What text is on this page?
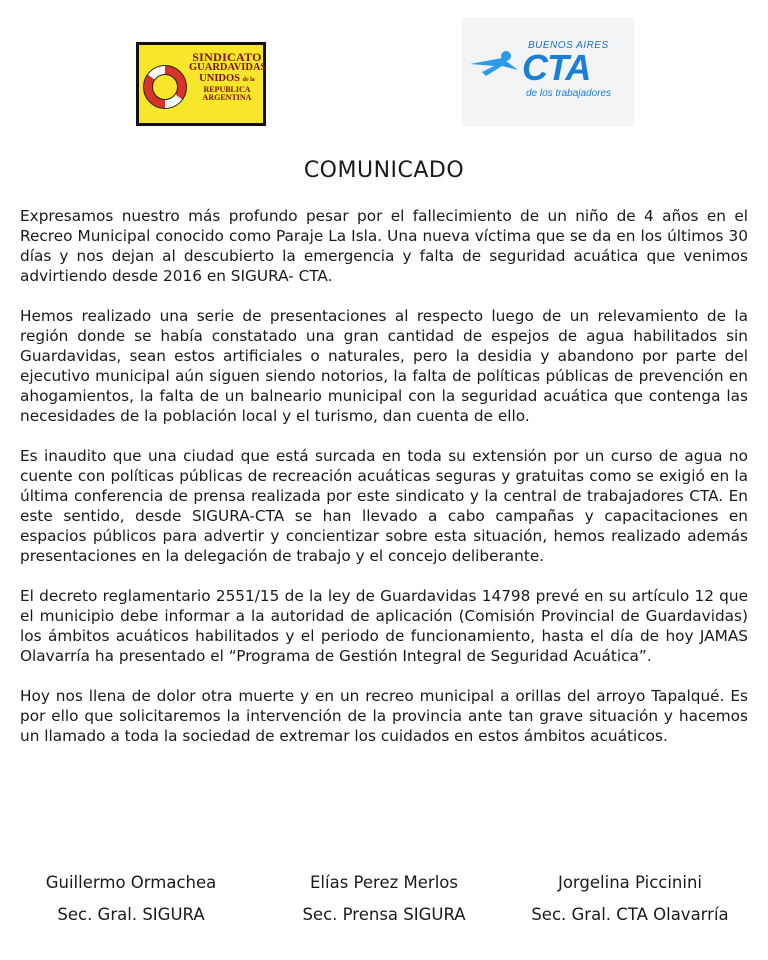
SINDICATO
GUARDAVIDAS
UNIDOS de la
REPUBLICA ARGENTINA
BUENOS AIRES
CTA
de los trabajadores
COMUNICADO

Expresamos nuestro más profundo pesar por el fallecimiento de un niño de 4 años en el Recreo Municipal conocido como Paraje La Isla. Una nueva víctima que se da en los últimos 30 días y nos dejan al descubierto la emergencia y falta de seguridad acuática que venimos advirtiendo desde 2016 en SIGURA- CTA.

Hemos realizado una serie de presentaciones al respecto luego de un relevamiento de la región donde se había constatado una gran cantidad de espejos de agua habilitados sin Guardavidas, sean estos artificiales o naturales, pero la desidia y abandono por parte del ejecutivo municipal aún siguen siendo notorios, la falta de políticas públicas de prevención en ahogamientos, la falta de un balneario municipal con la seguridad acuática que contenga las necesidades de la población local y el turismo, dan cuenta de ello.

Es inaudito que una ciudad que está surcada en toda su extensión por un curso de agua no cuente con políticas públicas de recreación acuáticas seguras y gratuitas como se exigió en la última conferencia de prensa realizada por este sindicato y la central de trabajadores CTA. En este sentido, desde SIGURA-CTA se han llevado a cabo campañas y capacitaciones en espacios públicos para advertir y concientizar sobre esta situación, hemos realizado además presentaciones en la delegación de trabajo y el concejo deliberante.

El decreto reglamentario 2551/15 de la ley de Guardavidas 14798 prevé en su artículo 12 que el municipio debe informar a la autoridad de aplicación (Comisión Provincial de Guardavidas) los ámbitos acuáticos habilitados y el periodo de funcionamiento, hasta el día de hoy JAMAS Olavarría ha presentado el “Programa de Gestión Integral de Seguridad Acuática”.

Hoy nos llena de dolor otra muerte y en un recreo municipal a orillas del arroyo Tapalqué. Es por ello que solicitaremos la intervención de la provincia ante tan grave situación y hacemos un llamado a toda la sociedad de extremar los cuidados en estos ámbitos acuáticos.

Guillermo Ormachea
Sec. Gral. SIGURA
Elías Perez Merlos
Sec. Prensa SIGURA
Jorgelina Piccinini
Sec. Gral. CTA Olavarría
